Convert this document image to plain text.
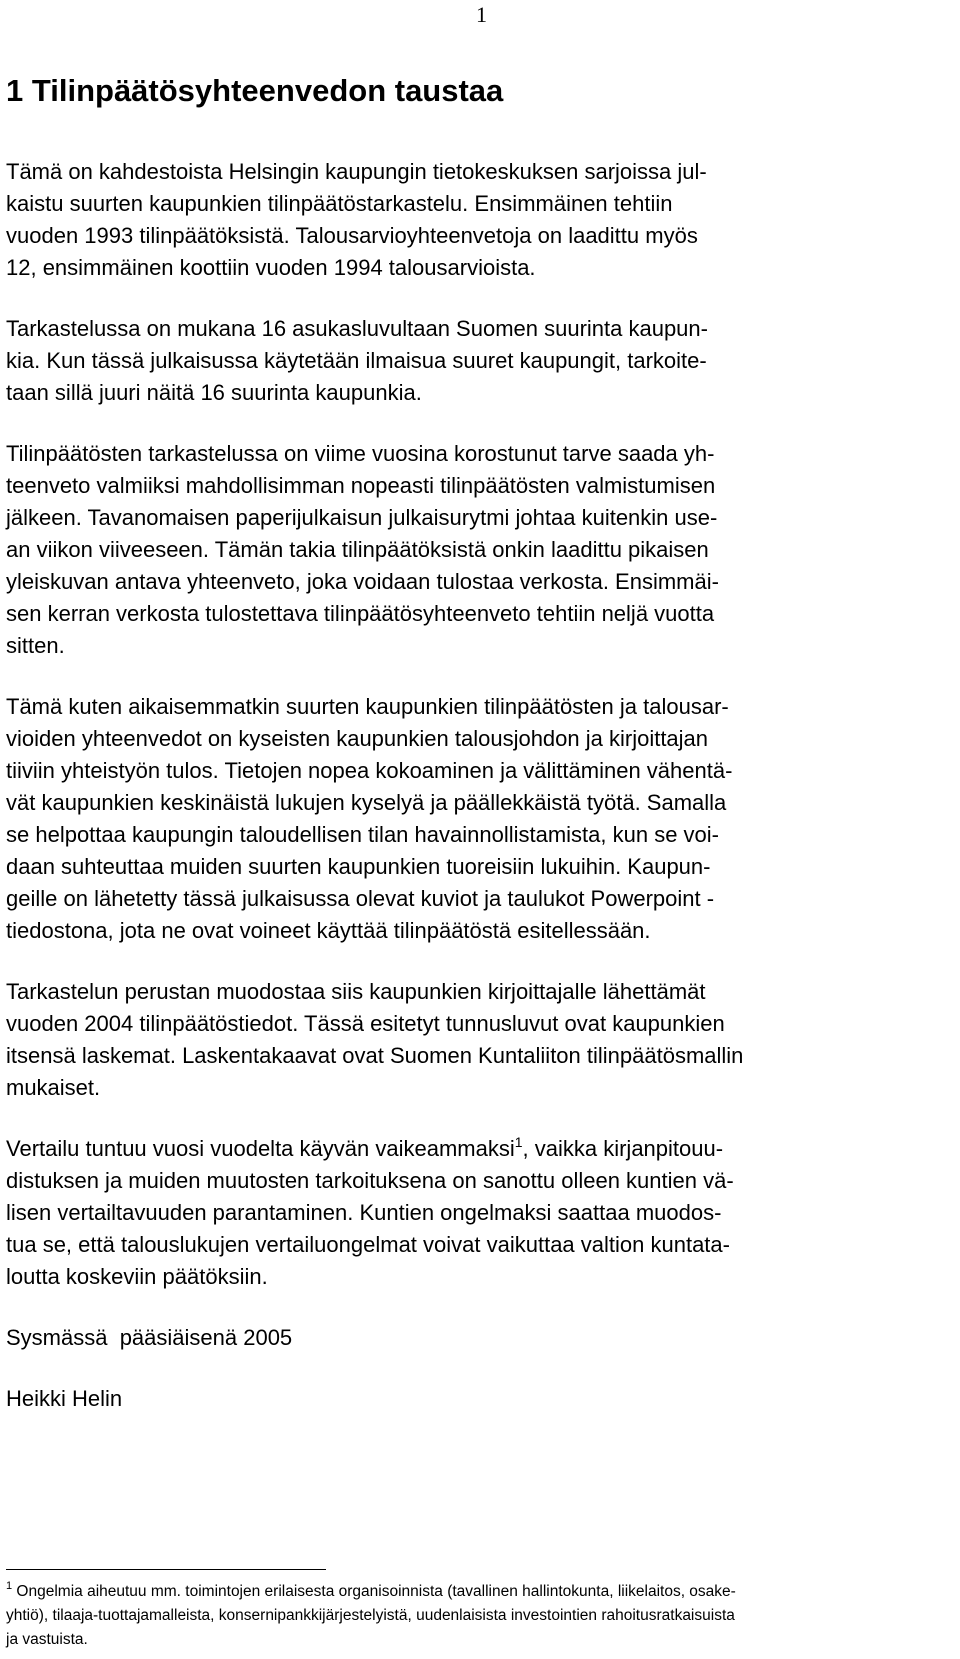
1
1 Tilinpäätösyhteenvedon taustaa

Tämä on kahdestoista Helsingin kaupungin tietokeskuksen sarjoissa jul-
kaistu suurten kaupunkien tilinpäätöstarkastelu. Ensimmäinen tehtiin
vuoden 1993 tilinpäätöksistä. Talousarvioyhteenvetoja on laadittu myös
12, ensimmäinen koottiin vuoden 1994 talousarvioista.

Tarkastelussa on mukana 16 asukasluvultaan Suomen suurinta kaupun-
kia. Kun tässä julkaisussa käytetään ilmaisua suuret kaupungit, tarkoite-
taan sillä juuri näitä 16 suurinta kaupunkia.

Tilinpäätösten tarkastelussa on viime vuosina korostunut tarve saada yh-
teenveto valmiiksi mahdollisimman nopeasti tilinpäätösten valmistumisen
jälkeen. Tavanomaisen paperijulkaisun julkaisurytmi johtaa kuitenkin use-
an viikon viiveeseen. Tämän takia tilinpäätöksistä onkin laadittu pikaisen
yleiskuvan antava yhteenveto, joka voidaan tulostaa verkosta. Ensimmäi-
sen kerran verkosta tulostettava tilinpäätösyhteenveto tehtiin neljä vuotta
sitten.

Tämä kuten aikaisemmatkin suurten kaupunkien tilinpäätösten ja talousar-
vioiden yhteenvedot on kyseisten kaupunkien talousjohdon ja kirjoittajan
tiiviin yhteistyön tulos. Tietojen nopea kokoaminen ja välittäminen vähentä-
vät kaupunkien keskinäistä lukujen kyselyä ja päällekkäistä työtä. Samalla
se helpottaa kaupungin taloudellisen tilan havainnollistamista, kun se voi-
daan suhteuttaa muiden suurten kaupunkien tuoreisiin lukuihin. Kaupun-
geille on lähetetty tässä julkaisussa olevat kuviot ja taulukot Powerpoint -
tiedostona, jota ne ovat voineet käyttää tilinpäätöstä esitellessään.

Tarkastelun perustan muodostaa siis kaupunkien kirjoittajalle lähettämät
vuoden 2004 tilinpäätöstiedot. Tässä esitetyt tunnusluvut ovat kaupunkien
itsensä laskemat. Laskentakaavat ovat Suomen Kuntaliiton tilinpäätösmallin
mukaiset.

Vertailu tuntuu vuosi vuodelta käyvän vaikeammaksi$^1$, vaikka kirjanpitouu-
distuksen ja muiden muutosten tarkoituksena on sanottu olleen kuntien vä-
lisen vertailtavuuden parantaminen. Kuntien ongelmaksi saattaa muodos-
tua se, että talouslukujen vertailuongelmat voivat vaikuttaa valtion kuntata-
loutta koskeviin päätöksiin.

Sysmässä  pääsiäisenä 2005

Heikki Helin

$^1$ Ongelmia aiheutuu mm. toimintojen erilaisesta organisoinnista (tavallinen hallintokunta, liikelaitos, osake-
yhtiö), tilaaja-tuottajamalleista, konsernipankkijärjestelyistä, uudenlaisista investointien rahoitusratkaisuista
ja vastuista.
